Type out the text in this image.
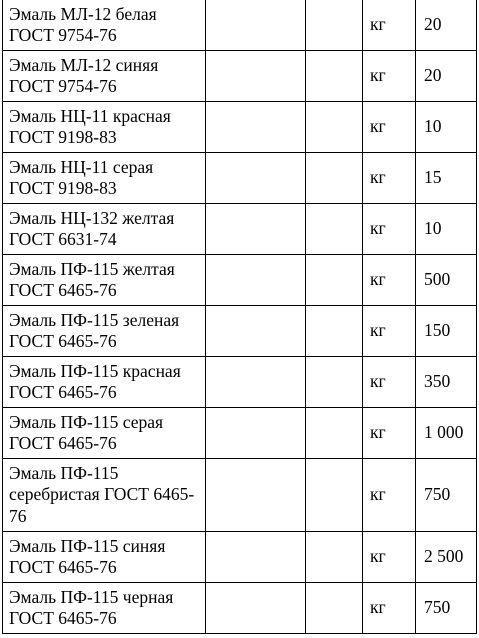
Эмаль МЛ-12 белая ГОСТ 9754-76			кг	20

Эмаль МЛ-12 синяя ГОСТ 9754-76			кг	20

Эмаль НЦ-11 красная ГОСТ 9198-83			кг	10

Эмаль НЦ-11 серая ГОСТ 9198-83			кг	15

Эмаль НЦ-132 желтая ГОСТ 6631-74			кг	10

Эмаль ПФ-115 желтая ГОСТ 6465-76			кг	500

Эмаль ПФ-115 зеленая ГОСТ 6465-76			кг	150

Эмаль ПФ-115 красная ГОСТ 6465-76			кг	350

Эмаль ПФ-115 серая ГОСТ 6465-76			кг	1 000

Эмаль ПФ-115 серебристая ГОСТ 6465-76			кг	750

Эмаль ПФ-115 синяя ГОСТ 6465-76			кг	2 500

Эмаль ПФ-115 черная ГОСТ 6465-76			кг	750
